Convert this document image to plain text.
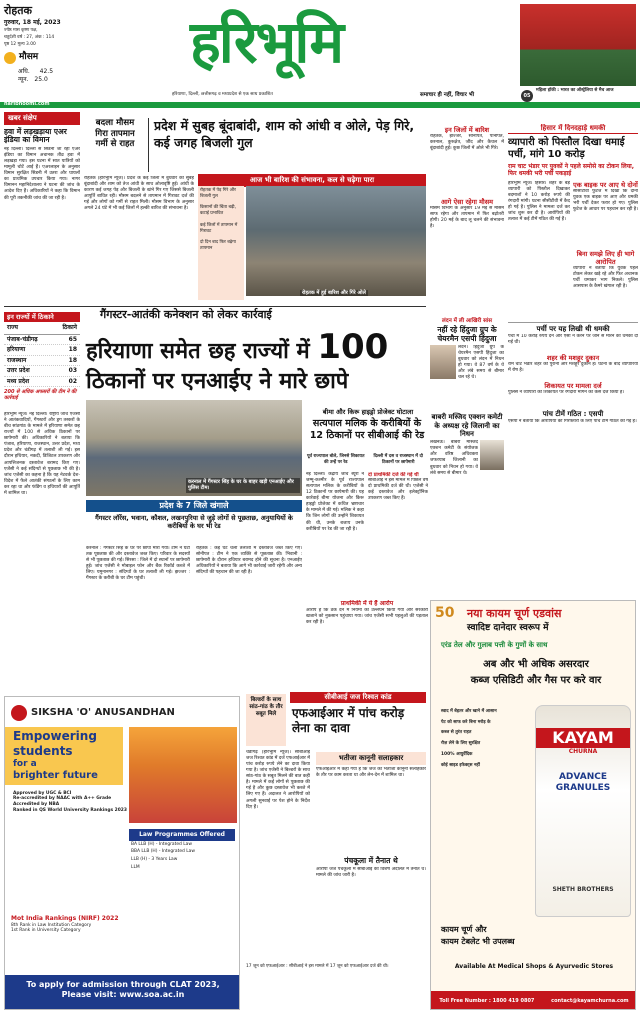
रोहतक
गुरुवार, 18 मई, 2023
ज्येष्ठ मास कृष्ण पक्ष,
चतुर्दशी वर्ष : 27, अंक : 114
पृष्ठ 12 मूल्य 3.00
मौसम
अधि. 42.5
न्यून. 25.0
हरिभूमि
हरियाणा, दिल्ली, छत्तीसगढ़ व मध्यप्रदेश से एक साथ प्रकाशित	समाचार ही नहीं, विचार भी	05
महिला हॉकी : भारत का ऑस्ट्रेलिया से मैच आज
haribhoomi.com
खबर संक्षेप
हवा में लड़खड़ाया एअर इंडिया का विमान
नई दिल्ली। दिल्ली से सिडनी जा रहा एअर इंडिया का विमान अचानक तीव्र हवा में लड़खड़ा गया। इस घटना में सात यात्रियों को मामूली चोटें आई हैं। एअरलाइन के अनुसार विमान सुरक्षित सिडनी में उतरा और घायलों का प्राथमिक उपचार किया गया। नागर विमानन महानिदेशालय ने घटना की जांच के आदेश दिए हैं। अधिकारियों ने कहा कि विमान की पूरी तकनीकी जांच की जा रही है।
बदला मौसम
गिरा तापमान
गर्मी से राहत
प्रदेश में सुबह बूंदाबांदी, शाम को आंधी व ओले, पेड़ गिरे, कई जगह बिजली गुल
रोहतक (हरिभूमि न्यूज)। प्रदेश के कई जिलों में बुधवार को सुबह बूंदाबांदी और शाम को तेज आंधी के साथ ओलावृष्टि हुई। आंधी के कारण कई जगह पेड़ और बिजली के खंभे गिर गए जिससे बिजली आपूर्ति बाधित रही। मौसम बदलने से तापमान में गिरावट दर्ज की गई और लोगों को गर्मी से राहत मिली। मौसम विभाग के अनुसार अगले 24 घंटे में भी कई जिलों में हल्की बारिश की संभावना है।
आज भी बारिश की संभावना, कल से चढ़ेगा पारा
रोहतक में पेड़ गिरे और बिजली गुल
किसानों की चिंता बढ़ी, कटाई प्रभावित
कई जिलों में तापमान में गिरावट
दो दिन बाद फिर बढ़ेगा तापमान
रोहतक में हुई बारिश और गिरे ओले
इन जिलों में बारिश
रोहतक, झज्जर, सोनीपत, पानीपत, करनाल, कुरुक्षेत्र, जींद और कैथल में बूंदाबांदी हुई। कुछ जिलों में ओले भी गिरे।
आगे ऐसा रहेगा मौसम
मौसम विभाग के अनुसार 19 मई से मौसम साफ रहेगा और तापमान में फिर बढ़ोतरी होगी। 20 मई के बाद लू चलने की संभावना है।
लंदन में ली आखिरी सांस
नहीं रहे हिंदुजा ग्रुप के चेयरमैन एसपी हिंदुजा
लंदन। हिंदुजा ग्रुप के चेयरमैन एसपी हिंदुजा का बुधवार को लंदन में निधन हो गया। वे 87 वर्ष के थे और लंबे समय से बीमार चल रहे थे।
बाबरी मस्जिद एक्शन कमेटी के अध्यक्ष रहे जिलानी का निधन
लखनऊ। बाबरी मस्जिद एक्शन कमेटी के संयोजक और वरिष्ठ अधिवक्ता जफरयाब जिलानी का बुधवार को निधन हो गया। वे लंबे समय से बीमार थे।
हिसार में दिनदहाड़े धमकी
व्यापारी को पिस्तौल दिखा धमाई पर्ची, मांगे 10 करोड़
राम चाट भंडार पर युवकों ने पहले समोसे का टोकन लिया, फिर धमकी भरी पर्ची पकड़ाई
हरिभूमि न्यूज। हिसार। शहर के बड़े व्यापारी को पिस्तौल दिखाकर बदमाशों ने 10 करोड़ रुपये की रंगदारी मांगी। घटना सीसीटीवी में कैद हो गई है। पुलिस ने मामला दर्ज कर जांच शुरू कर दी है। आरोपियों की तलाश में कई टीमें गठित की गई हैं।
एक बाइक पर आए थे दोनों
सीसीटीवी फुटेज में दिखा कि दोनों युवक एक बाइक पर आए और धमकी भरी पर्ची देकर फरार हो गए। पुलिस फुटेज के आधार पर पहचान कर रही है।
बिना समझे लिए ही भागे आरोपित
व्यापारी ने बताया कि युवक पहले टोकन लेकर खड़े रहे और फिर अचानक पर्ची थमाकर भाग निकले। पुलिस आसपास के कैमरे खंगाल रही है।
पर्ची पर यह लिखी थी धमकी
पर्ची में 10 करोड़ रुपये देने और ऐसा न करने पर जान से मारने की धमकी दी गई थी।
शहर की मशहूर दुकान
राम चाट भंडार शहर की पुरानी और मशहूर दुकान है। घटना के बाद व्यापारियों में रोष है।
शिकायत पर मामला दर्ज
पुलिस ने व्यापारी की शिकायत पर रंगदारी मांगने का केस दर्ज किया है।
पांच टीमें गठित : एसपी
एसपी ने बताया कि आरोपियों की गिरफ्तारी के लिए पांच टीमें गठित की गई हैं।
इन राज्यों में ठिकाने
राज्य	ठिकाने
पंजाब-चंडीगढ़	65
हरियाणा	18
राजस्थान	18
उत्तर प्रदेश	03
मध्य प्रदेश	02
200 से अधिक अफसरों की टीम ने की कार्रवाई
हरिभूमि न्यूज। नई दिल्ली। राष्ट्रीय जांच एजेंसी ने आतंकवादियों, गैंगस्टरों और ड्रग तस्करों के बीच सांठगांठ के मामले में हरियाणा समेत छह राज्यों में 100 से अधिक ठिकानों पर छापेमारी की। अधिकारियों ने बताया कि पंजाब, हरियाणा, राजस्थान, उत्तर प्रदेश, मध्य प्रदेश और चंडीगढ़ में तलाशी ली गई। इस दौरान हथियार, नकदी, डिजिटल उपकरण और आपत्तिजनक दस्तावेज बरामद किए गए। एजेंसी ने कई संदिग्धों से पूछताछ भी की है। जांच एजेंसी का कहना है कि यह नेटवर्क देश-विदेश में फैले आतंकी संगठनों के लिए काम कर रहा था और फंडिंग व हथियारों की आपूर्ति में शामिल था।
गैंगस्टर-आतंकी कनेक्शन को लेकर कार्रवाई
हरियाणा समेत छह राज्यों में 100
ठिकानों पर एनआईए ने मारे छापे
करनाल में गैंगस्टर सिंह के घर के बाहर खड़ी एनआईए और पुलिस टीम।
प्रदेश के 7 जिले खंगाले
गैंगस्टर लॉरेंस, भवाना, कौशल, लखनपुरिया से जुड़े लोगों से पूछताछ, अनुयायियों के करीबियों के घर भी रेड
करनाल : गैंगस्टर सिंह के घर पर छापा मारा गया। टीम ने घंटों तक पूछताछ की और दस्तावेज जब्त किए। परिवार के सदस्यों से भी पूछताछ की गई। सिरसा : जिले में दो स्थानों पर छापेमारी हुई। जांच एजेंसी ने मोबाइल फोन और बैंक रिकॉर्ड कब्जे में लिए। यमुनानगर : संदिग्धों के घर तलाशी ली गई। झज्जर : गैंगस्टर के करीबी के घर टीम पहुंची।
रोहतक : कई घंटे चली तलाशी में दस्तावेज जब्त किए गए। सोनीपत : टीम ने एक व्यक्ति से पूछताछ की। भिवानी : छापेमारी के दौरान हथियार बरामद होने की सूचना है। एनआईए अधिकारियों ने बताया कि आगे भी कार्रवाई जारी रहेगी और अन्य संदिग्धों की पहचान की जा रही है।
बीमा और किरू हाइड्रो प्रोजेक्ट घोटाला
सत्यपाल मलिक के करीबियों के 12 ठिकानों पर सीबीआई की रेड
पूर्व राज्यपाल बोले, जिनसे शिकायत की उन्हें पर रेड
दिल्ली में दस व राजस्थान में दो ठिकानों पर छापेमारी
नई दिल्ली। केंद्रीय जांच ब्यूरो ने जम्मू-कश्मीर के पूर्व राज्यपाल सत्यपाल मलिक के करीबियों के 12 ठिकानों पर छापेमारी की। यह कार्रवाई बीमा योजना और किरू हाइड्रो प्रोजेक्ट में कथित भ्रष्टाचार के मामले में की गई। मलिक ने कहा कि जिन लोगों की उन्होंने शिकायत की थी, उनके बजाय उनके करीबियों पर रेड की जा रही है।
दो प्राथमिकी दर्ज की गई थी
सीबीआई ने इस मामले में पिछले वर्ष दो प्राथमिकी दर्ज की थी। एजेंसी ने कई दस्तावेज और इलेक्ट्रॉनिक उपकरण जब्त किए हैं।
प्राथमिकी में ये हैं आरोप
आरोप है कि ठेके देने में नियमों का उल्लंघन किया गया और सरकारी खजाने को नुकसान पहुंचाया गया। जांच एजेंसी सभी पहलुओं की पड़ताल कर रही है।
SIKSHA 'O' ANUSANDHAN
Empowering
students
for a
brighter future
Approved by UGC & BCI
Re-accredited by NAAC with A++ Grade
Accredited by NBA
Ranked in QS World University Rankings 2023
Law Programmes Offered
BA LLB (H) - Integrated Law
BBA LLB (H) - Integrated Law
LLB (H) - 3 Years Law
LLM
Mot India Rankings (NIRF) 2022
8th Rank in Law Institution Category
1st Rank in University Category
To apply for admission through CLAT 2023, Please visit: www.soa.ac.in
बिल्डरों के साथ सांठ-गांठ के तौर सबूत मिले
सीबीआई जज रिश्वत कांड
एफआईआर में पांच करोड़ लेना का दावा
चंडीगढ़ (हरिभूमि न्यूज)। सीबीआई जज रिश्वत कांड में दर्ज एफआईआर में पांच करोड़ रुपये लेने का दावा किया गया है। जांच एजेंसी ने बिल्डरों के साथ सांठ-गांठ के सबूत मिलने की बात कही है। मामले में कई लोगों से पूछताछ की गई है और कुछ दस्तावेज भी कब्जे में लिए गए हैं। अदालत ने आरोपियों को अगली सुनवाई पर पेश होने के निर्देश दिए हैं।
भतीजा कानूनी सलाहकार
एफआईआर में कहा गया है कि जज का भतीजा कानूनी सलाहकार के तौर पर काम करता था और लेन-देन में शामिल था।
पंचकूला में तैनात थे
आरोपी जज पंचकूला में सीबीआई की विशेष अदालत में तैनात थे। मामले की जांच जारी है।
17 जून को एफआईआर : सीबीआई ने इस मामले में 17 जून को एफआईआर दर्ज की थी।
50 नया कायम चूर्ण एडवांस
स्वादिष्ट दानेदार स्वरूप में
एरंड तेल और गुलाब पत्ती के गुणों के साथ
अब और भी अधिक असरदार
कब्ज एसिडिटी और गैस पर करे वार
स्वाद में बेहतर और खाने में आसान
पेट को साफ करे बिना मरोड़ के
कब्ज से तुरंत राहत
रोज़ लेने के लिए सुरक्षित
100% आयुर्वेदिक
कोई साइड इफेक्ट्स नहीं
KAYAM
CHURNA
ADVANCE GRANULES
SHETH BROTHERS
कायम चूर्ण और
कायम टेबलेट भी उपलब्ध
Available At Medical Shops & Ayurvedic Stores
Toll Free Number : 1800 419 0807	contact@kayamchurna.com
